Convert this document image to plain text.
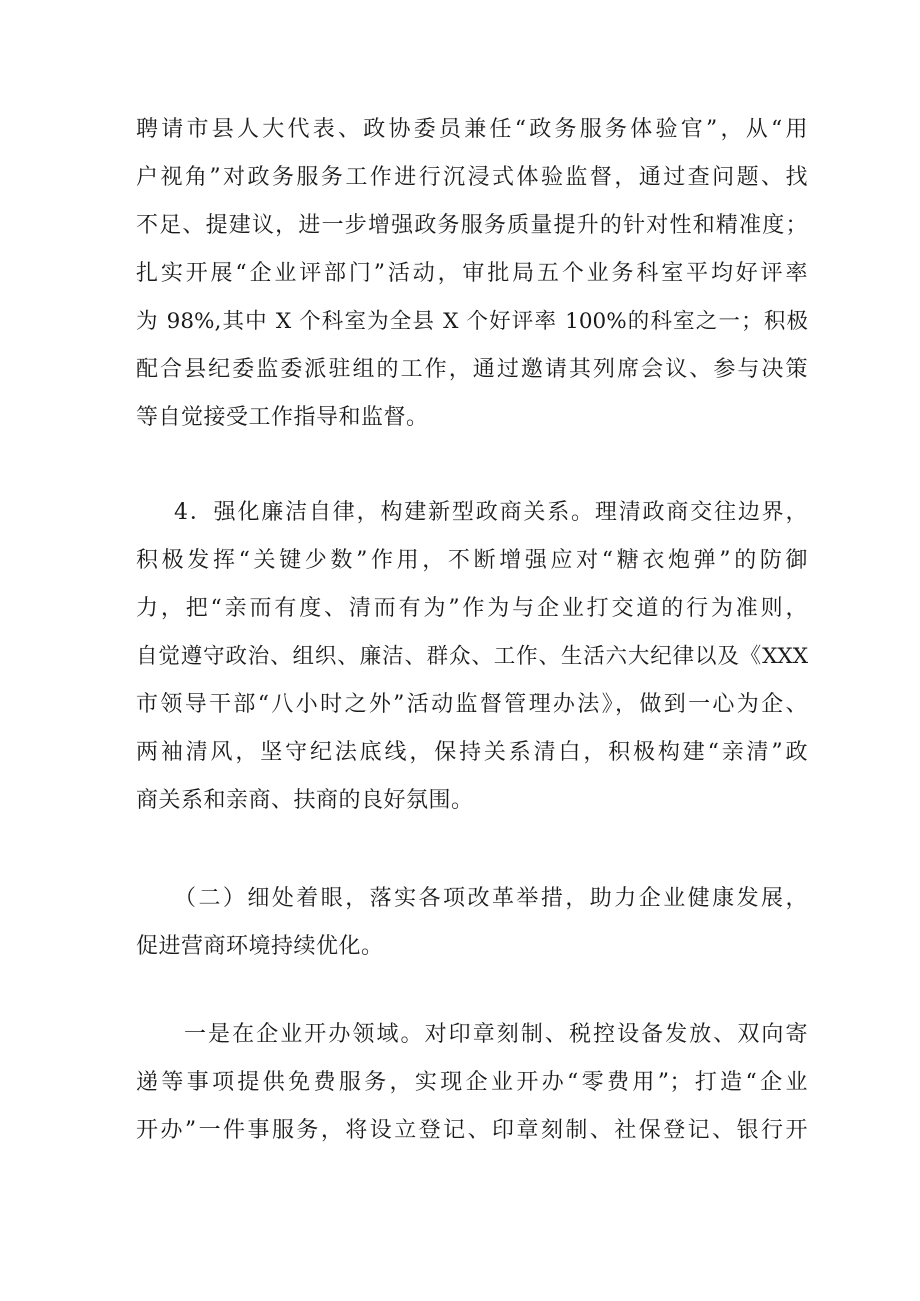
聘请市县人大代表、政协委员兼任“政务服务体验官”，从“用
户视角”对政务服务工作进行沉浸式体验监督，通过查问题、找
不足、提建议，进一步增强政务服务质量提升的针对性和精准度；
扎实开展“企业评部门”活动，审批局五个业务科室平均好评率
为 98%,其中 X 个科室为全县 X 个好评率 100%的科室之一；积极
配合县纪委监委派驻组的工作，通过邀请其列席会议、参与决策
等自觉接受工作指导和监督。
4．强化廉洁自律，构建新型政商关系。理清政商交往边界，
积极发挥“关键少数”作用，不断增强应对“糖衣炮弹”的防御
力，把“亲而有度、清而有为”作为与企业打交道的行为准则，
自觉遵守政治、组织、廉洁、群众、工作、生活六大纪律以及《XXX
市领导干部“八小时之外”活动监督管理办法》，做到一心为企、
两袖清风，坚守纪法底线，保持关系清白，积极构建“亲清”政
商关系和亲商、扶商的良好氛围。
（二）细处着眼，落实各项改革举措，助力企业健康发展，
促进营商环境持续优化。
一是在企业开办领域。对印章刻制、税控设备发放、双向寄
递等事项提供免费服务，实现企业开办“零费用”；打造“企业
开办”一件事服务，将设立登记、印章刻制、社保登记、银行开
